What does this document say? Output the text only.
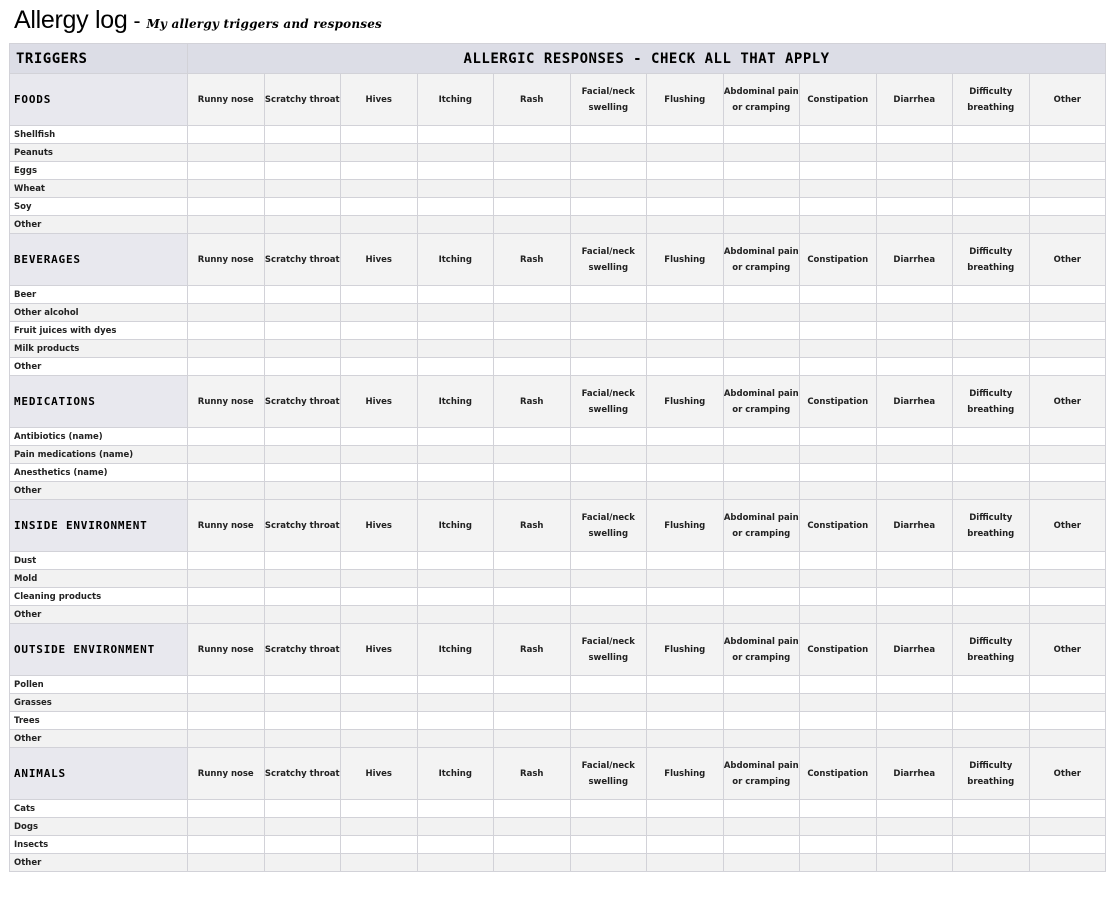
Allergy log - My allergy triggers and responses
TRIGGERS	ALLERGIC RESPONSES - CHECK ALL THAT APPLY											
FOODS	Runny nose	Scratchy throat	Hives	Itching	Rash	Facial/neck swelling	Flushing	Abdominal pain or cramping	Constipation	Diarrhea	Difficulty breathing	Other
Shellfish												
Peanuts												
Eggs												
Wheat												
Soy												
Other												
BEVERAGES	Runny nose	Scratchy throat	Hives	Itching	Rash	Facial/neck swelling	Flushing	Abdominal pain or cramping	Constipation	Diarrhea	Difficulty breathing	Other
Beer												
Other alcohol												
Fruit juices with dyes												
Milk products												
Other												
MEDICATIONS	Runny nose	Scratchy throat	Hives	Itching	Rash	Facial/neck swelling	Flushing	Abdominal pain or cramping	Constipation	Diarrhea	Difficulty breathing	Other
Antibiotics (name)												
Pain medications (name)												
Anesthetics (name)												
Other												
INSIDE ENVIRONMENT	Runny nose	Scratchy throat	Hives	Itching	Rash	Facial/neck swelling	Flushing	Abdominal pain or cramping	Constipation	Diarrhea	Difficulty breathing	Other
Dust												
Mold												
Cleaning products												
Other												
OUTSIDE ENVIRONMENT	Runny nose	Scratchy throat	Hives	Itching	Rash	Facial/neck swelling	Flushing	Abdominal pain or cramping	Constipation	Diarrhea	Difficulty breathing	Other
Pollen												
Grasses												
Trees												
Other												
ANIMALS	Runny nose	Scratchy throat	Hives	Itching	Rash	Facial/neck swelling	Flushing	Abdominal pain or cramping	Constipation	Diarrhea	Difficulty breathing	Other
Cats												
Dogs												
Insects												
Other												
